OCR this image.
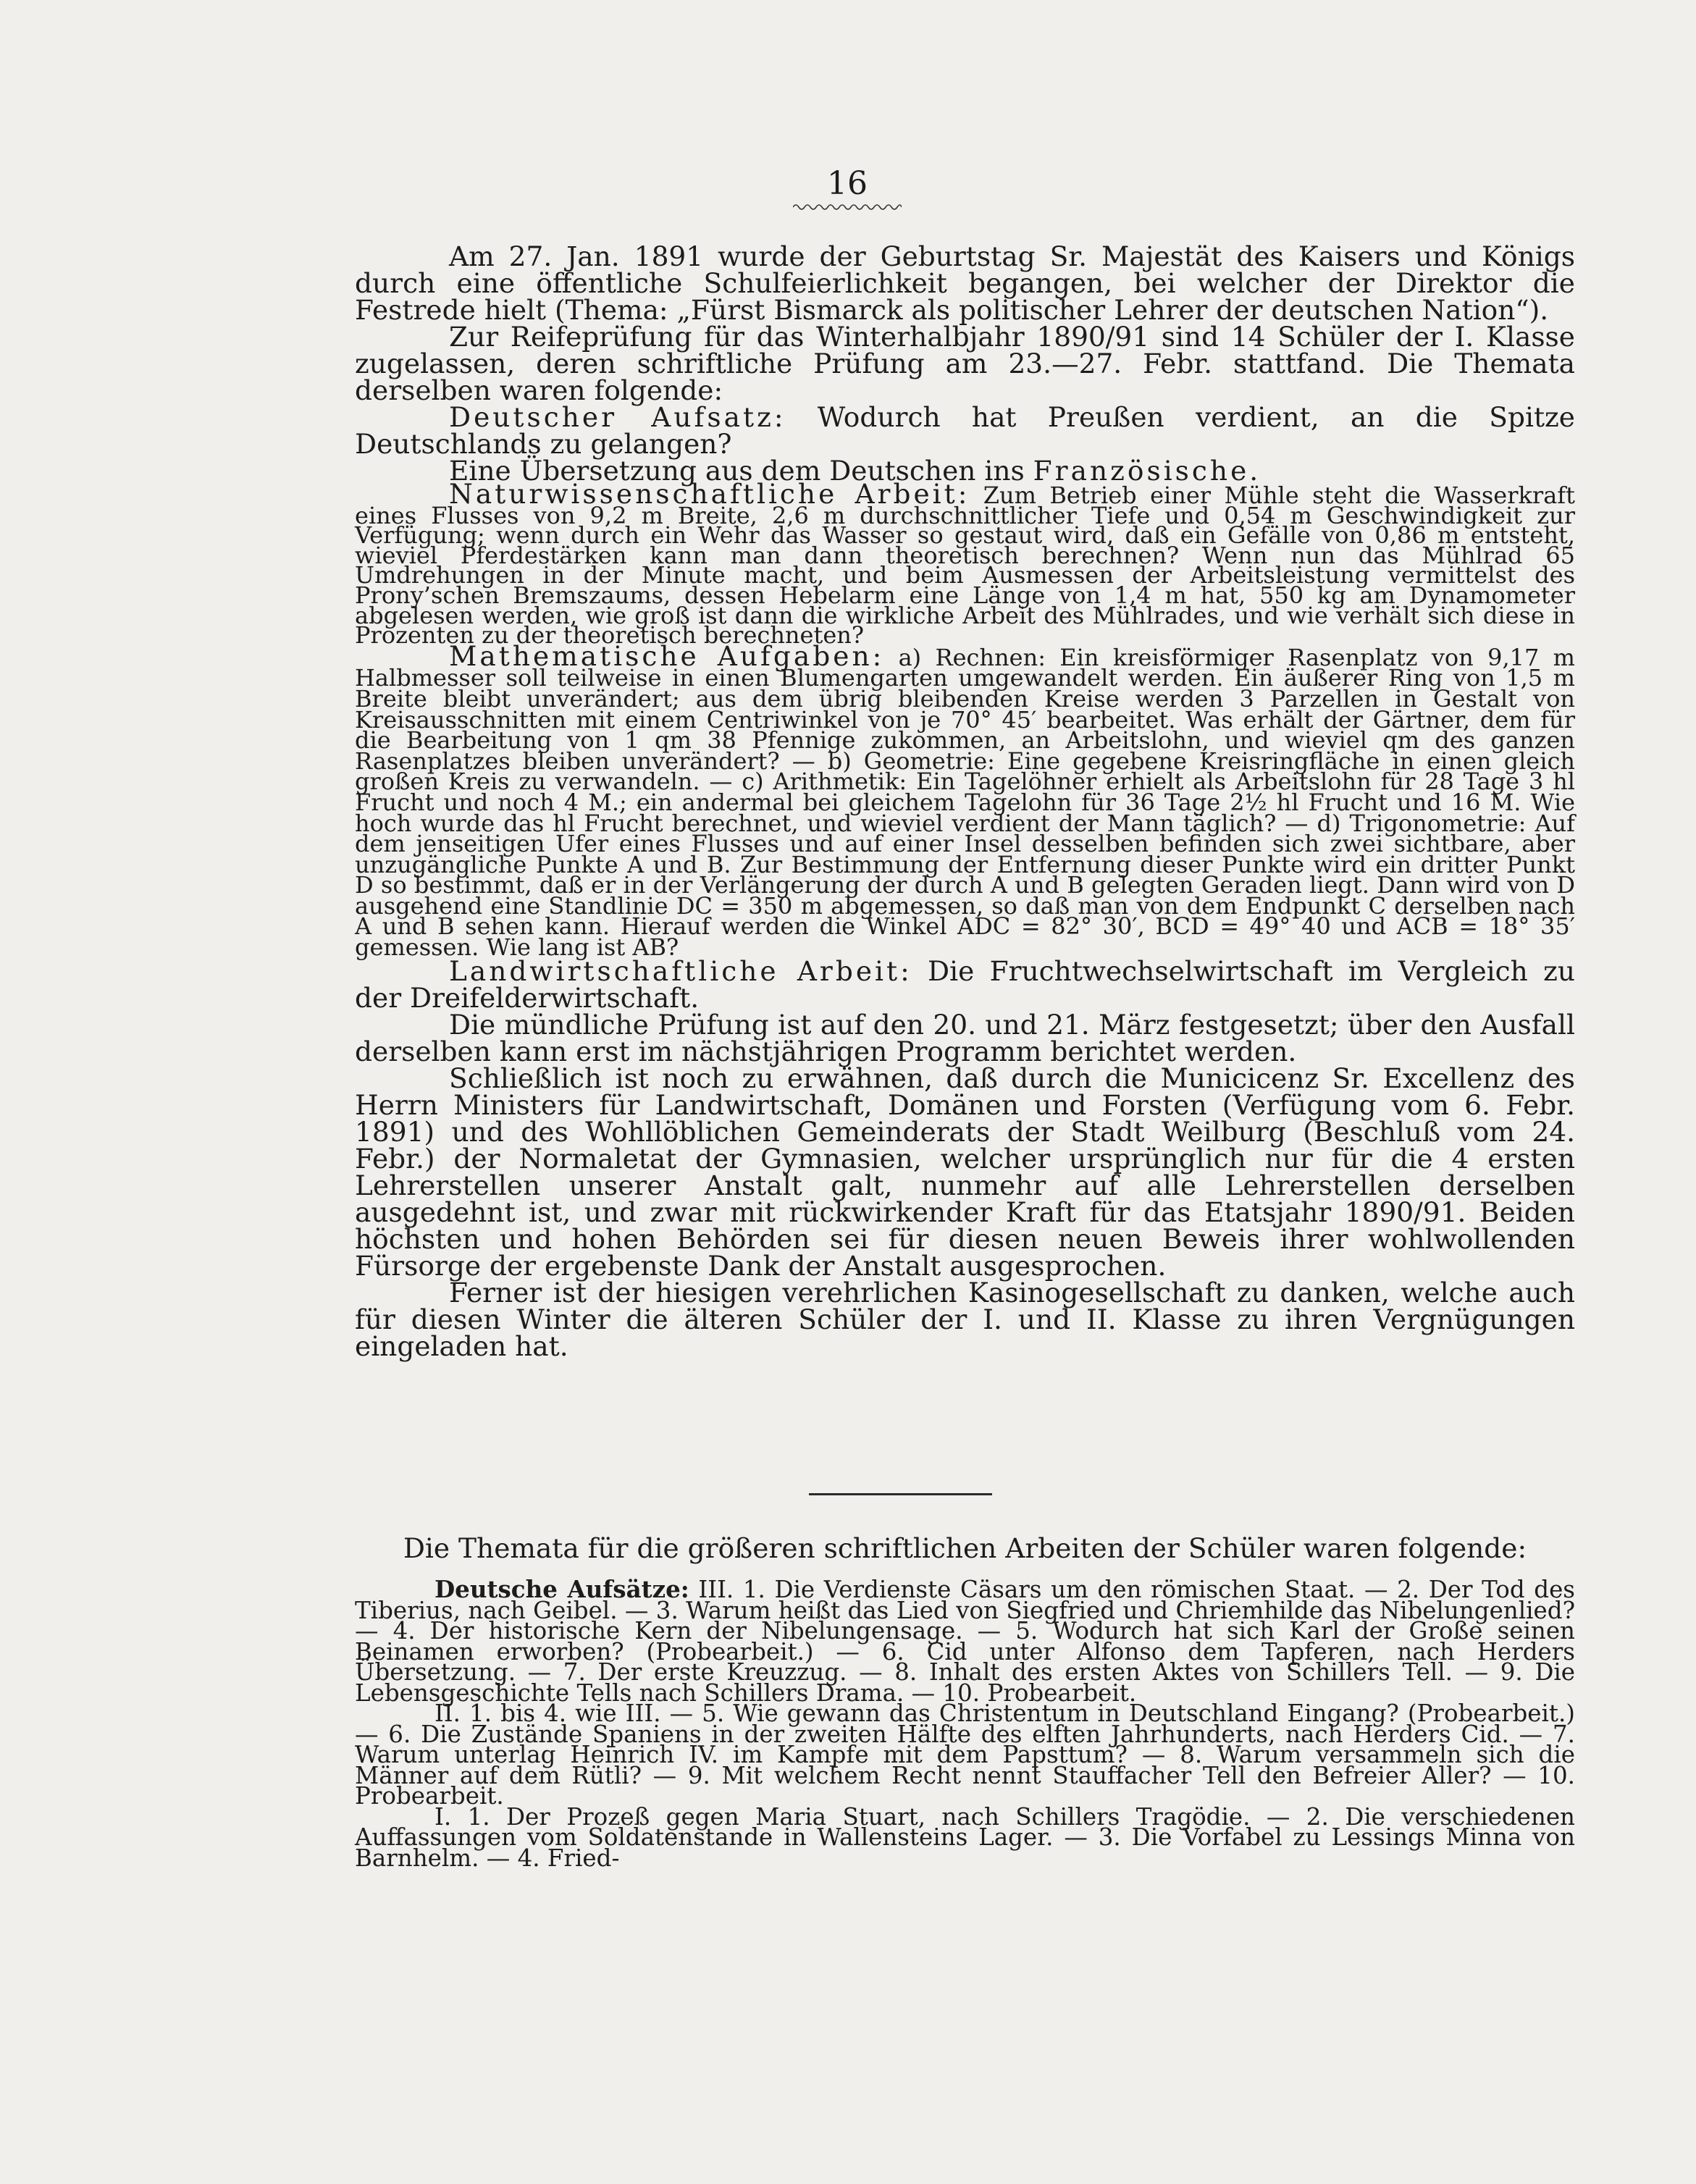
16

Am 27. Jan. 1891 wurde der Geburtstag Sr. Majestät des Kaisers und Königs durch eine öffentliche Schulfeierlichkeit begangen, bei welcher der Direktor die Festrede hielt (Thema: „Fürst Bismarck als politischer Lehrer der deutschen Nation“).

Zur Reifeprüfung für das Winterhalbjahr 1890/91 sind 14 Schüler der I. Klasse zugelassen, deren schriftliche Prüfung am 23.—27. Febr. stattfand. Die Themata derselben waren folgende:

Deutscher Aufsatz: Wodurch hat Preußen verdient, an die Spitze Deutschlands zu gelangen?

Eine Übersetzung aus dem Deutschen ins Französische.

Naturwissenschaftliche Arbeit: Zum Betrieb einer Mühle steht die Wasserkraft eines Flusses von 9,2 m Breite, 2,6 m durchschnittlicher Tiefe und 0,54 m Geschwindigkeit zur Verfügung; wenn durch ein Wehr das Wasser so gestaut wird, daß ein Gefälle von 0,86 m entsteht, wieviel Pferdestärken kann man dann theoretisch berechnen? Wenn nun das Mühlrad 65 Umdrehungen in der Minute macht, und beim Ausmessen der Arbeitsleistung vermittelst des Prony’schen Bremszaums, dessen Hebelarm eine Länge von 1,4 m hat, 550 kg am Dynamometer abgelesen werden, wie groß ist dann die wirkliche Arbeit des Mühlrades, und wie verhält sich diese in Prozenten zu der theoretisch berechneten?

Mathematische Aufgaben: a) Rechnen: Ein kreisförmiger Rasenplatz von 9,17 m Halbmesser soll teilweise in einen Blumengarten umgewandelt werden. Ein äußerer Ring von 1,5 m Breite bleibt unverändert; aus dem übrig bleibenden Kreise werden 3 Parzellen in Gestalt von Kreisausschnitten mit einem Centriwinkel von je 70° 45′ bearbeitet. Was erhält der Gärtner, dem für die Bearbeitung von 1 qm 38 Pfennige zukommen, an Arbeitslohn, und wieviel qm des ganzen Rasenplatzes bleiben unverändert? — b) Geometrie: Eine gegebene Kreisringfläche in einen gleich großen Kreis zu verwandeln. — c) Arithmetik: Ein Tagelöhner erhielt als Arbeitslohn für 28 Tage 3 hl Frucht und noch 4 M.; ein andermal bei gleichem Tagelohn für 36 Tage 2½ hl Frucht und 16 M. Wie hoch wurde das hl Frucht berechnet, und wieviel verdient der Mann täglich? — d) Trigonometrie: Auf dem jenseitigen Ufer eines Flusses und auf einer Insel desselben befinden sich zwei sichtbare, aber unzugängliche Punkte A und B. Zur Bestimmung der Entfernung dieser Punkte wird ein dritter Punkt D so bestimmt, daß er in der Verlängerung der durch A und B gelegten Geraden liegt. Dann wird von D ausgehend eine Standlinie DC = 350 m abgemessen, so daß man von dem Endpunkt C derselben nach A und B sehen kann. Hierauf werden die Winkel ADC = 82° 30′, BCD = 49° 40 und ACB = 18° 35′ gemessen. Wie lang ist AB?

Landwirtschaftliche Arbeit: Die Fruchtwechselwirtschaft im Vergleich zu der Dreifelderwirtschaft.

Die mündliche Prüfung ist auf den 20. und 21. März festgesetzt; über den Ausfall derselben kann erst im nächstjährigen Programm berichtet werden.

Schließlich ist noch zu erwähnen, daß durch die Municicenz Sr. Excellenz des Herrn Ministers für Landwirtschaft, Domänen und Forsten (Verfügung vom 6. Febr. 1891) und des Wohllöblichen Gemeinderats der Stadt Weilburg (Beschluß vom 24. Febr.) der Normaletat der Gymnasien, welcher ursprünglich nur für die 4 ersten Lehrerstellen unserer Anstalt galt, nunmehr auf alle Lehrerstellen derselben ausgedehnt ist, und zwar mit rückwirkender Kraft für das Etatsjahr 1890/91. Beiden höchsten und hohen Behörden sei für diesen neuen Beweis ihrer wohlwollenden Fürsorge der ergebenste Dank der Anstalt ausgesprochen.

Ferner ist der hiesigen verehrlichen Kasinogesellschaft zu danken, welche auch für diesen Winter die älteren Schüler der I. und II. Klasse zu ihren Vergnügungen eingeladen hat.

Die Themata für die größeren schriftlichen Arbeiten der Schüler waren folgende:

Deutsche Aufsätze: III. 1. Die Verdienste Cäsars um den römischen Staat. — 2. Der Tod des Tiberius, nach Geibel. — 3. Warum heißt das Lied von Siegfried und Chriemhilde das Nibelungenlied? — 4. Der historische Kern der Nibelungensage. — 5. Wodurch hat sich Karl der Große seinen Beinamen erworben? (Probearbeit.) — 6. Cid unter Alfonso dem Tapferen, nach Herders Übersetzung. — 7. Der erste Kreuzzug. — 8. Inhalt des ersten Aktes von Schillers Tell. — 9. Die Lebensgeschichte Tells nach Schillers Drama. — 10. Probearbeit.

II. 1. bis 4. wie III. — 5. Wie gewann das Christentum in Deutschland Eingang? (Probearbeit.) — 6. Die Zustände Spaniens in der zweiten Hälfte des elften Jahrhunderts, nach Herders Cid. — 7. Warum unterlag Heinrich IV. im Kampfe mit dem Papsttum? — 8. Warum versammeln sich die Männer auf dem Rütli? — 9. Mit welchem Recht nennt Stauffacher Tell den Befreier Aller? — 10. Probearbeit.

I. 1. Der Prozeß gegen Maria Stuart, nach Schillers Tragödie. — 2. Die verschiedenen Auffassungen vom Soldatenstande in Wallensteins Lager. — 3. Die Vorfabel zu Lessings Minna von Barnhelm. — 4. Fried-
